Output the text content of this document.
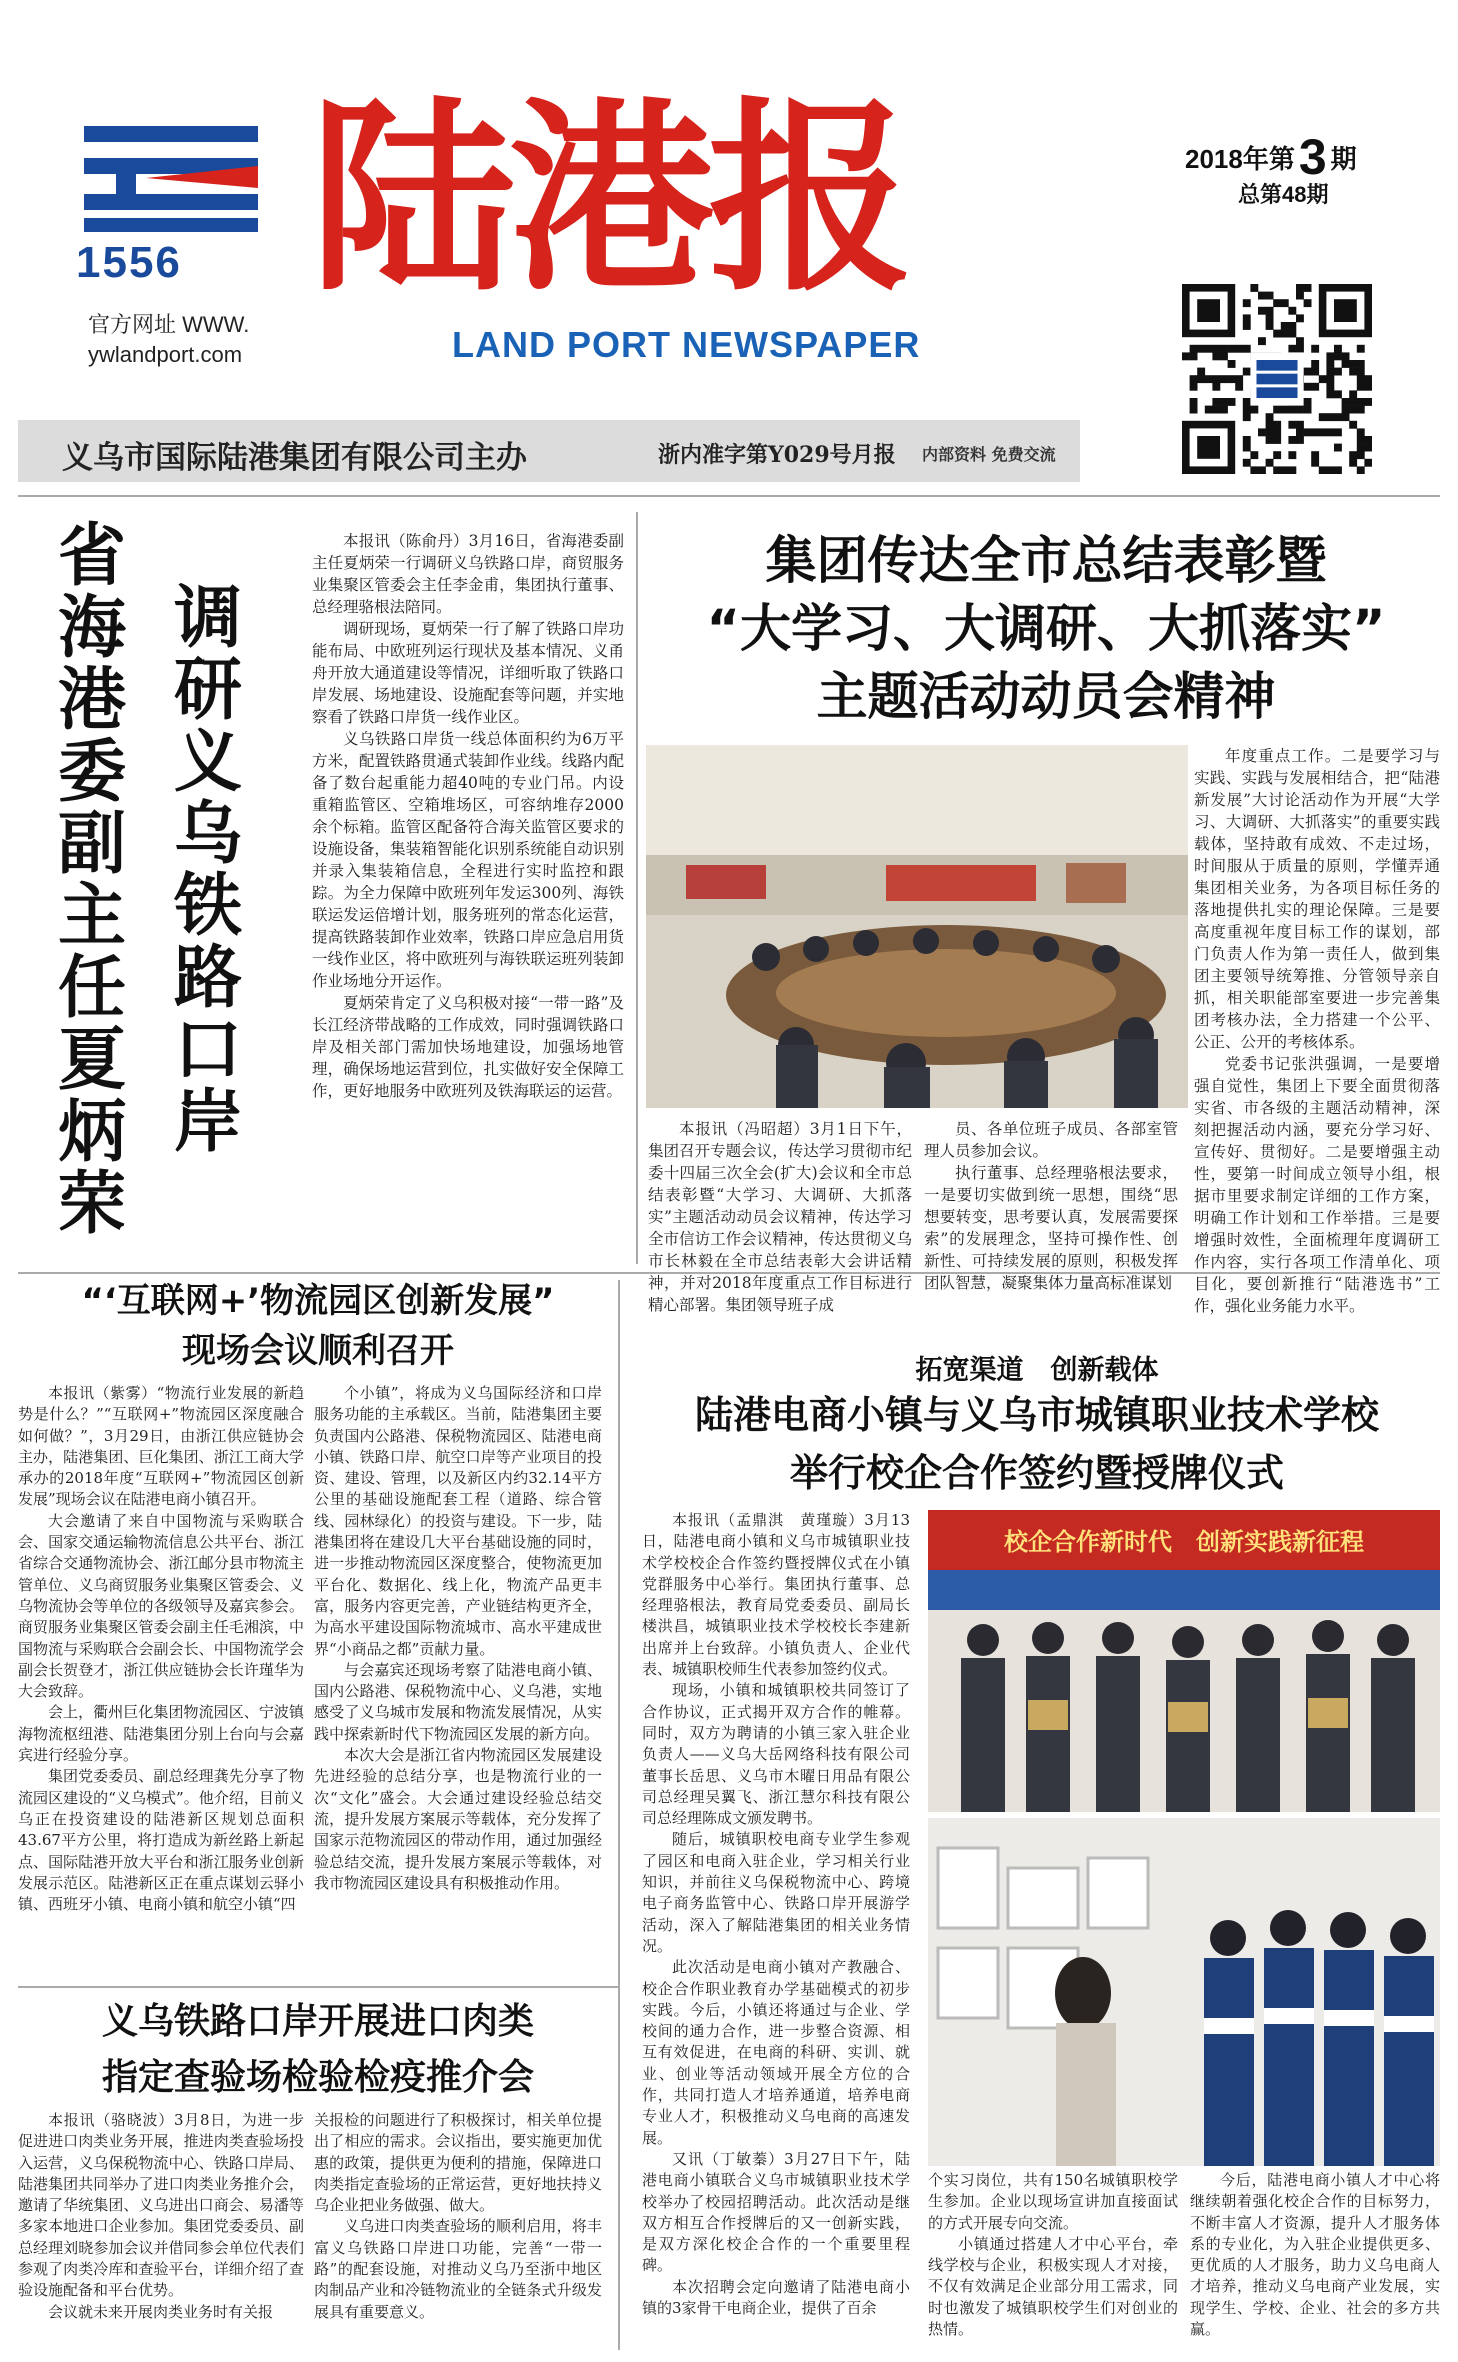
1556
官方网址 WWW.
ywlandport.com
陆港报
LAND PORT NEWSPAPER
2018年第3 期
总第48期
义乌市国际陆港集团有限公司主办	浙内准字第Y029号月报 内部资料 免费交流
调研义乌铁路口岸
省海港委副主任夏炳荣

本报讯（陈俞丹）3月16日，省海港委副主任夏炳荣一行调研义乌铁路口岸，商贸服务业集聚区管委会主任李金甫，集团执行董事、总经理骆根法陪同。

调研现场，夏炳荣一行了解了铁路口岸功能布局、中欧班列运行现状及基本情况、义甬舟开放大通道建设等情况，详细听取了铁路口岸发展、场地建设、设施配套等问题，并实地察看了铁路口岸货一线作业区。

义乌铁路口岸货一线总体面积约为6万平方米，配置铁路贯通式装卸作业线。线路内配备了数台起重能力超40吨的专业门吊。内设重箱监管区、空箱堆场区，可容纳堆存2000余个标箱。监管区配备符合海关监管区要求的设施设备，集装箱智能化识别系统能自动识别并录入集装箱信息，全程进行实时监控和跟踪。为全力保障中欧班列年发运300列、海铁联运发运倍增计划，服务班列的常态化运营，提高铁路装卸作业效率，铁路口岸应急启用货一线作业区，将中欧班列与海铁联运班列装卸作业场地分开运作。

夏炳荣肯定了义乌积极对接“一带一路”及长江经济带战略的工作成效，同时强调铁路口岸及相关部门需加快场地建设，加强场地管理，确保场地运营到位，扎实做好安全保障工作，更好地服务中欧班列及铁海联运的运营。

集团传达全市总结表彰暨
“大学习、大调研、大抓落实”
主题活动动员会精神

本报讯（冯昭超）3月1日下午，集团召开专题会议，传达学习贯彻市纪委十四届三次全会(扩大)会议和全市总结表彰暨“大学习、大调研、大抓落实”主题活动动员会议精神，传达学习全市信访工作会议精神，传达贯彻义乌市长林毅在全市总结表彰大会讲话精神，并对2018年度重点工作目标进行精心部署。集团领导班子成

员、各单位班子成员、各部室管理人员参加会议。

执行董事、总经理骆根法要求，一是要切实做到统一思想，围绕“思想要转变，思考要认真，发展需要探索”的发展理念，坚持可操作性、创新性、可持续发展的原则，积极发挥团队智慧，凝聚集体力量高标准谋划

年度重点工作。二是要学习与实践、实践与发展相结合，把“陆港新发展”大讨论活动作为开展“大学习、大调研、大抓落实”的重要实践载体，坚持敢有成效、不走过场，时间服从于质量的原则，学懂弄通集团相关业务，为各项目标任务的落地提供扎实的理论保障。三是要高度重视年度目标工作的谋划，部门负责人作为第一责任人，做到集团主要领导统筹推、分管领导亲自抓，相关职能部室要进一步完善集团考核办法，全力搭建一个公平、公正、公开的考核体系。

党委书记张洪强调，一是要增强自觉性，集团上下要全面贯彻落实省、市各级的主题活动精神，深刻把握活动内涵，要充分学习好、宣传好、贯彻好。二是要增强主动性，要第一时间成立领导小组，根据市里要求制定详细的工作方案，明确工作计划和工作举措。三是要增强时效性，全面梳理年度调研工作内容，实行各项工作清单化、项目化，要创新推行“陆港选书”工作，强化业务能力水平。

“‘互联网+’物流园区创新发展”
现场会议顺利召开

本报讯（紫雾）“物流行业发展的新趋势是什么？”“互联网+”物流园区深度融合如何做？”，3月29日，由浙江供应链协会主办，陆港集团、巨化集团、浙江工商大学承办的2018年度“互联网+”物流园区创新发展”现场会议在陆港电商小镇召开。

大会邀请了来自中国物流与采购联合会、国家交通运输物流信息公共平台、浙江省综合交通物流协会、浙江邮分县市物流主管单位、义乌商贸服务业集聚区管委会、义乌物流协会等单位的各级领导及嘉宾参会。商贸服务业集聚区管委会副主任毛湘滨，中国物流与采购联合会副会长、中国物流学会副会长贺登才，浙江供应链协会长许瑾华为大会致辞。

会上，衢州巨化集团物流园区、宁波镇海物流枢纽港、陆港集团分别上台向与会嘉宾进行经验分享。

集团党委委员、副总经理龚先分享了物流园区建设的“义乌模式”。他介绍，目前义乌正在投资建设的陆港新区规划总面积43.67平方公里，将打造成为新丝路上新起点、国际陆港开放大平台和浙江服务业创新发展示范区。陆港新区正在重点谋划云驿小镇、西班牙小镇、电商小镇和航空小镇“四

个小镇”，将成为义乌国际经济和口岸服务功能的主承载区。当前，陆港集团主要负责国内公路港、保税物流园区、陆港电商小镇、铁路口岸、航空口岸等产业项目的投资、建设、管理，以及新区内约32.14平方公里的基础设施配套工程（道路、综合管线、园林绿化）的投资与建设。下一步，陆港集团将在建设几大平台基础设施的同时，进一步推动物流园区深度整合，使物流更加平台化、数据化、线上化，物流产品更丰富，服务内容更完善，产业链结构更齐全，为高水平建设国际物流城市、高水平建成世界“小商品之都”贡献力量。

与会嘉宾还现场考察了陆港电商小镇、国内公路港、保税物流中心、义乌港，实地感受了义乌城市发展和物流发展情况，从实践中探索新时代下物流园区发展的新方向。

本次大会是浙江省内物流园区发展建设先进经验的总结分享，也是物流行业的一次“文化”盛会。大会通过建设经验总结交流，提升发展方案展示等载体，充分发挥了国家示范物流园区的带动作用，通过加强经验总结交流，提升发展方案展示等载体，对我市物流园区建设具有积极推动作用。

拓宽渠道　创新载体
陆港电商小镇与义乌市城镇职业技术学校
举行校企合作签约暨授牌仪式

本报讯（孟鼎淇　黄瑾璇）3月13日，陆港电商小镇和义乌市城镇职业技术学校校企合作签约暨授牌仪式在小镇党群服务中心举行。集团执行董事、总经理骆根法，教育局党委委员、副局长楼洪昌，城镇职业技术学校校长李建新出席并上台致辞。小镇负责人、企业代表、城镇职校师生代表参加签约仪式。

现场，小镇和城镇职校共同签订了合作协议，正式揭开双方合作的帷幕。同时，双方为聘请的小镇三家入驻企业负责人——义乌大岳网络科技有限公司董事长岳思、义乌市木曜日用品有限公司总经理吴翼飞、浙江慧尔科技有限公司总经理陈成文颁发聘书。

随后，城镇职校电商专业学生参观了园区和电商入驻企业，学习相关行业知识，并前往义乌保税物流中心、跨境电子商务监管中心、铁路口岸开展游学活动，深入了解陆港集团的相关业务情况。

此次活动是电商小镇对产教融合、校企合作职业教育办学基础模式的初步实践。今后，小镇还将通过与企业、学校间的通力合作，进一步整合资源、相互有效促进，在电商的科研、实训、就业、创业等活动领域开展全方位的合作，共同打造人才培养通道，培养电商专业人才，积极推动义乌电商的高速发展。

又讯（丁敏蓁）3月27日下午，陆港电商小镇联合义乌市城镇职业技术学校举办了校园招聘活动。此次活动是继双方相互合作授牌后的又一创新实践，是双方深化校企合作的一个重要里程碑。

本次招聘会定向邀请了陆港电商小镇的3家骨干电商企业，提供了百余

校企合作新时代　创新实践新征程

个实习岗位，共有150名城镇职校学生参加。企业以现场宣讲加直接面试的方式开展专向交流。

小镇通过搭建人才中心平台，牵线学校与企业，积极实现人才对接，不仅有效满足企业部分用工需求，同时也激发了城镇职校学生们对创业的热情。

今后，陆港电商小镇人才中心将继续朝着强化校企合作的目标努力，不断丰富人才资源，提升人才服务体系的专业化，为入驻企业提供更多、更优质的人才服务，助力义乌电商人才培养，推动义乌电商产业发展，实现学生、学校、企业、社会的多方共赢。

义乌铁路口岸开展进口肉类
指定查验场检验检疫推介会

本报讯（骆晓波）3月8日，为进一步促进进口肉类业务开展，推进肉类查验场投入运营，义乌保税物流中心、铁路口岸局、陆港集团共同举办了进口肉类业务推介会，邀请了华统集团、义乌进出口商会、易潘等多家本地进口企业参加。集团党委委员、副总经理刘晓参加会议并借同参会单位代表们参观了肉类冷库和查验平台，详细介绍了查验设施配备和平台优势。

会议就未来开展肉类业务时有关报

关报检的问题进行了积极探讨，相关单位提出了相应的需求。会议指出，要实施更加优惠的政策，提供更为便利的措施，保障进口肉类指定查验场的正常运营，更好地扶持义乌企业把业务做强、做大。

义乌进口肉类查验场的顺利启用，将丰富义乌铁路口岸进口功能，完善“一带一路”的配套设施，对推动义乌乃至浙中地区肉制品产业和冷链物流业的全链条式升级发展具有重要意义。
